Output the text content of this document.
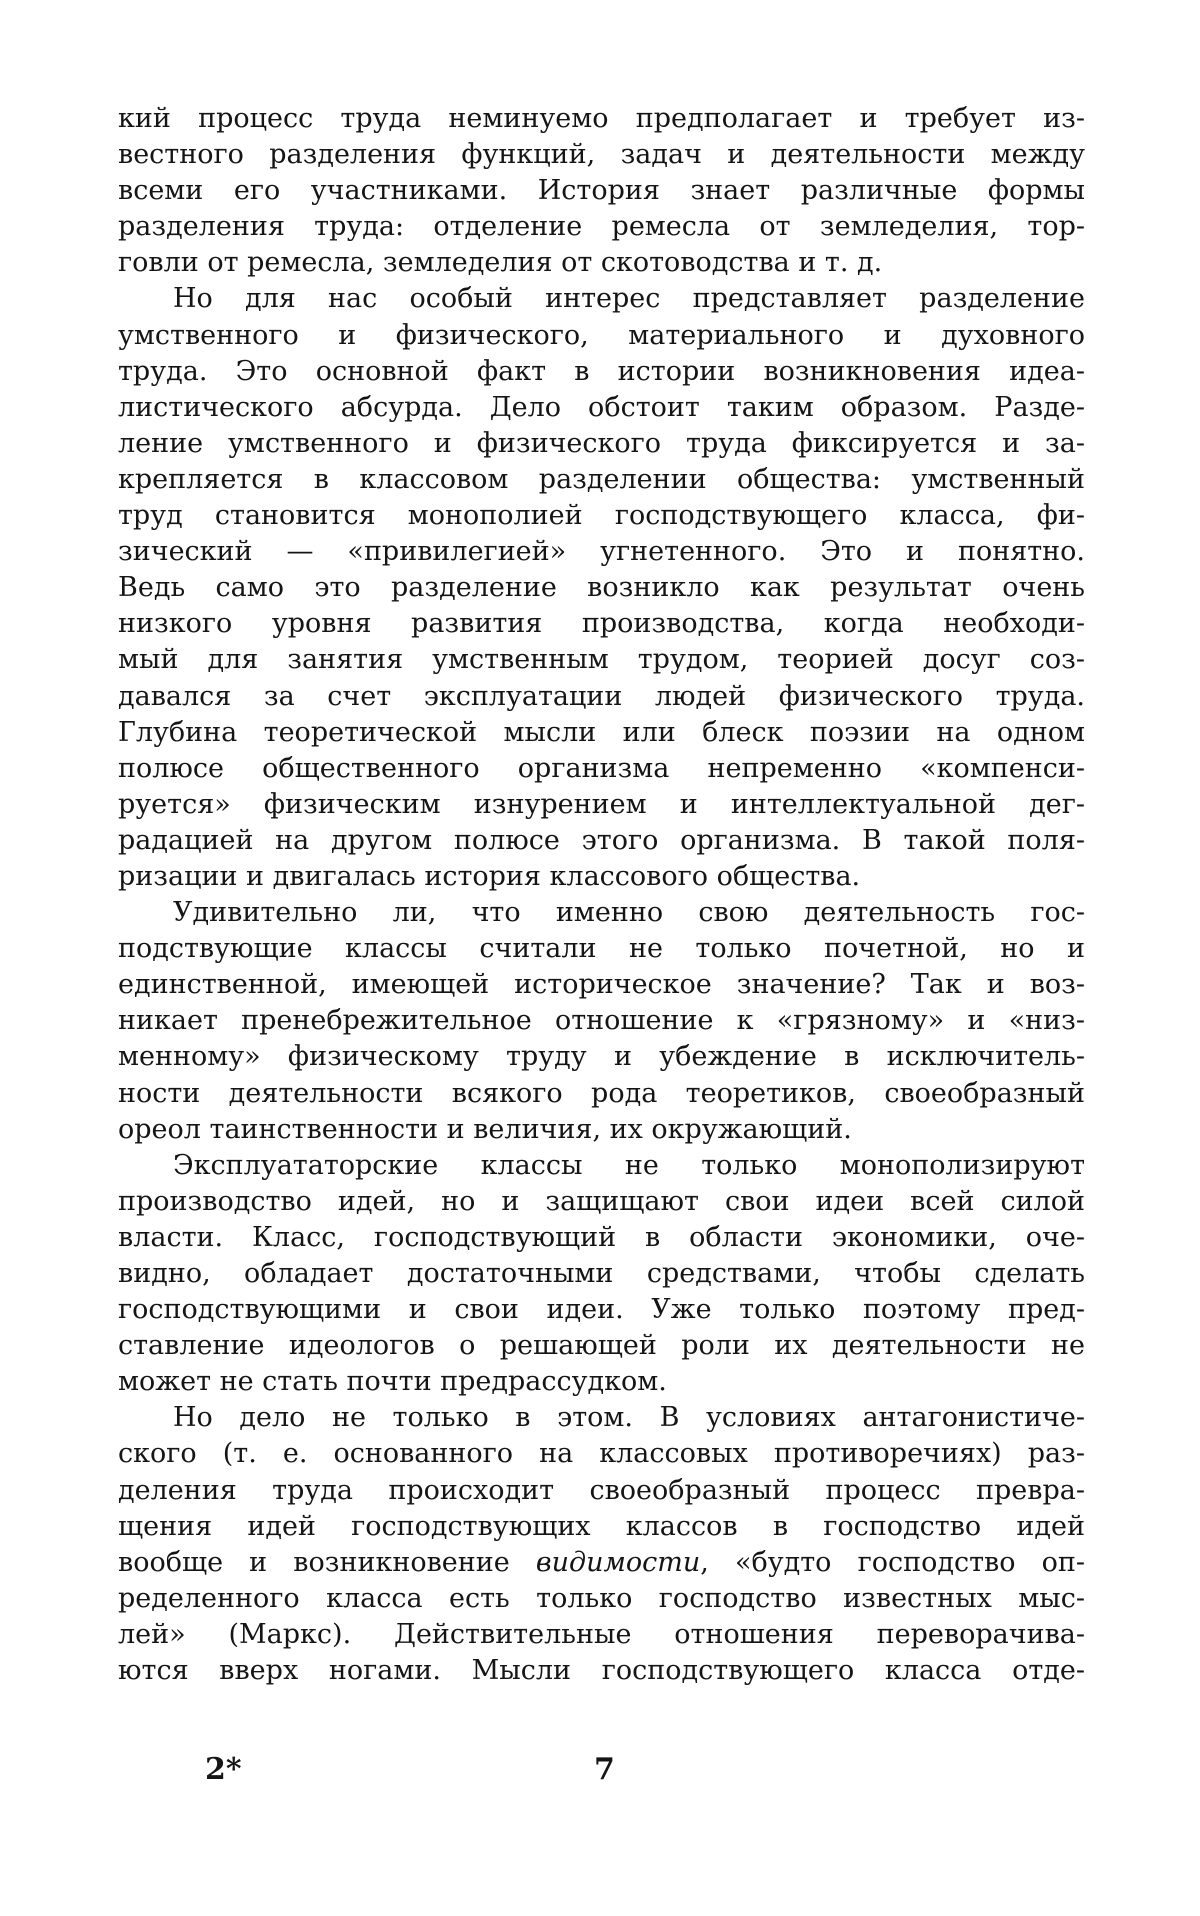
кий процесс труда неминуемо предполагает и требует из-
вестного разделения функций, задач и деятельности между
всеми его участниками. История знает различные формы
разделения труда: отделение ремесла от земледелия, тор-
говли от ремесла, земледелия от скотоводства и т. д.
Но для нас особый интерес представляет разделение
умственного и физического, материального и духовного
труда. Это основной факт в истории возникновения идеа-
листического абсурда. Дело обстоит таким образом. Разде-
ление умственного и физического труда фиксируется и за-
крепляется в классовом разделении общества: умственный
труд становится монополией господствующего класса, фи-
зический — «привилегией» угнетенного. Это и понятно.
Ведь само это разделение возникло как результат очень
низкого уровня развития производства, когда необходи-
мый для занятия умственным трудом, теорией досуг соз-
давался за счет эксплуатации людей физического труда.
Глубина теоретической мысли или блеск поэзии на одном
полюсе общественного организма непременно «компенси-
руется» физическим изнурением и интеллектуальной дег-
радацией на другом полюсе этого организма. В такой поля-
ризации и двигалась история классового общества.
Удивительно ли, что именно свою деятельность гос-
подствующие классы считали не только почетной, но и
единственной, имеющей историческое значение? Так и воз-
никает пренебрежительное отношение к «грязному» и «низ-
менному» физическому труду и убеждение в исключитель-
ности деятельности всякого рода теоретиков, своеобразный
ореол таинственности и величия, их окружающий.
Эксплуататорские классы не только монополизируют
производство идей, но и защищают свои идеи всей силой
власти. Класс, господствующий в области экономики, оче-
видно, обладает достаточными средствами, чтобы сделать
господствующими и свои идеи. Уже только поэтому пред-
ставление идеологов о решающей роли их деятельности не
может не стать почти предрассудком.
Но дело не только в этом. В условиях антагонистиче-
ского (т. е. основанного на классовых противоречиях) раз-
деления труда происходит своеобразный процесс превра-
щения идей господствующих классов в господство идей
вообще и возникновение видимости, «будто господство оп-
ределенного класса есть только господство известных мыс-
лей» (Маркс). Действительные отношения переворачива-
ются вверх ногами. Мысли господствующего класса отде-
2*	7
